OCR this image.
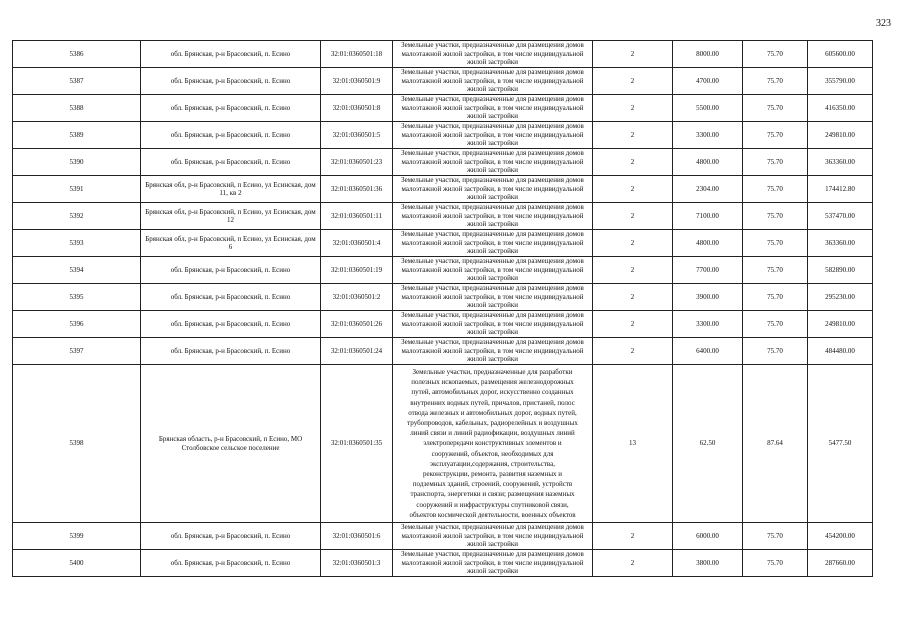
323
5386	обл. Брянская, р-н Брасовский, п. Есино	32:01:0360501:18	Земельные участки, предназначенные для размещения домов малоэтажной жилой застройки, в том числе индивидуальной жилой застройки	2	8000.00	75.70	605600.00
5387	обл. Брянская, р-н Брасовский, п. Есино	32:01:0360501:9	Земельные участки, предназначенные для размещения домов малоэтажной жилой застройки, в том числе индивидуальной жилой застройки	2	4700.00	75.70	355790.00
5388	обл. Брянская, р-н Брасовский, п. Есино	32:01:0360501:8	Земельные участки, предназначенные для размещения домов малоэтажной жилой застройки, в том числе индивидуальной жилой застройки	2	5500.00	75.70	416350.00
5389	обл. Брянская, р-н Брасовский, п. Есино	32:01:0360501:5	Земельные участки, предназначенные для размещения домов малоэтажной жилой застройки, в том числе индивидуальной жилой застройки	2	3300.00	75.70	249810.00
5390	обл. Брянская, р-н Брасовский, п. Есино	32:01:0360501:23	Земельные участки, предназначенные для размещения домов малоэтажной жилой застройки, в том числе индивидуальной жилой застройки	2	4800.00	75.70	363360.00
5391	Брянская обл, р-н Брасовский, п Есино, ул Есинская, дом 11, кв 2	32:01:0360501:36	Земельные участки, предназначенные для размещения домов малоэтажной жилой застройки, в том числе индивидуальной жилой застройки	2	2304.00	75.70	174412.80
5392	Брянская обл, р-н Брасовский, п Есино, ул Есинская, дом 12	32:01:0360501:11	Земельные участки, предназначенные для размещения домов малоэтажной жилой застройки, в том числе индивидуальной жилой застройки	2	7100.00	75.70	537470.00
5393	Брянская обл, р-н Брасовский, п Есино, ул Есинская, дом 6	32:01:0360501:4	Земельные участки, предназначенные для размещения домов малоэтажной жилой застройки, в том числе индивидуальной жилой застройки	2	4800.00	75.70	363360.00
5394	обл. Брянская, р-н Брасовский, п. Есино	32:01:0360501:19	Земельные участки, предназначенные для размещения домов малоэтажной жилой застройки, в том числе индивидуальной жилой застройки	2	7700.00	75.70	582890.00
5395	обл. Брянская, р-н Брасовский, п. Есино	32:01:0360501:2	Земельные участки, предназначенные для размещения домов малоэтажной жилой застройки, в том числе индивидуальной жилой застройки	2	3900.00	75.70	295230.00
5396	обл. Брянская, р-н Брасовский, п. Есино	32:01:0360501:26	Земельные участки, предназначенные для размещения домов малоэтажной жилой застройки, в том числе индивидуальной жилой застройки	2	3300.00	75.70	249810.00
5397	обл. Брянская, р-н Брасовский, п. Есино	32:01:0360501:24	Земельные участки, предназначенные для размещения домов малоэтажной жилой застройки, в том числе индивидуальной жилой застройки	2	6400.00	75.70	484480.00
5398	Брянская область, р-н Брасовский, п Есино, МО Столбовское сельское поселение	32:01:0360501:35	Земельные участки, предназначенные для разработки полезных ископаемых, размещения железнодорожных путей, автомобильных дорог, искусственно созданных внутренних водных путей, причалов, пристаней, полос отвода железных и автомобильных дорог, водных путей, трубопроводов, кабельных, радиорелейных и воздушных линий связи и линий радиофикации, воздушных линий электропередачи конструктивных элементов и сооружений, объектов, необходимых для эксплуатации,содержания, строительства, реконструкции, ремонта, развития наземных и подземных зданий, строений, сооружений, устройств транспорта, энергетики и связи; размещения наземных сооружений и инфраструктуры спутниковой связи, объектов космической деятельности, военных объектов	13	62.50	87.64	5477.50
5399	обл. Брянская, р-н Брасовский, п. Есино	32:01:0360501:6	Земельные участки, предназначенные для размещения домов малоэтажной жилой застройки, в том числе индивидуальной жилой застройки	2	6000.00	75.70	454200.00
5400	обл. Брянская, р-н Брасовский, п. Есино	32:01:0360501:3	Земельные участки, предназначенные для размещения домов малоэтажной жилой застройки, в том числе индивидуальной жилой застройки	2	3800.00	75.70	287660.00
